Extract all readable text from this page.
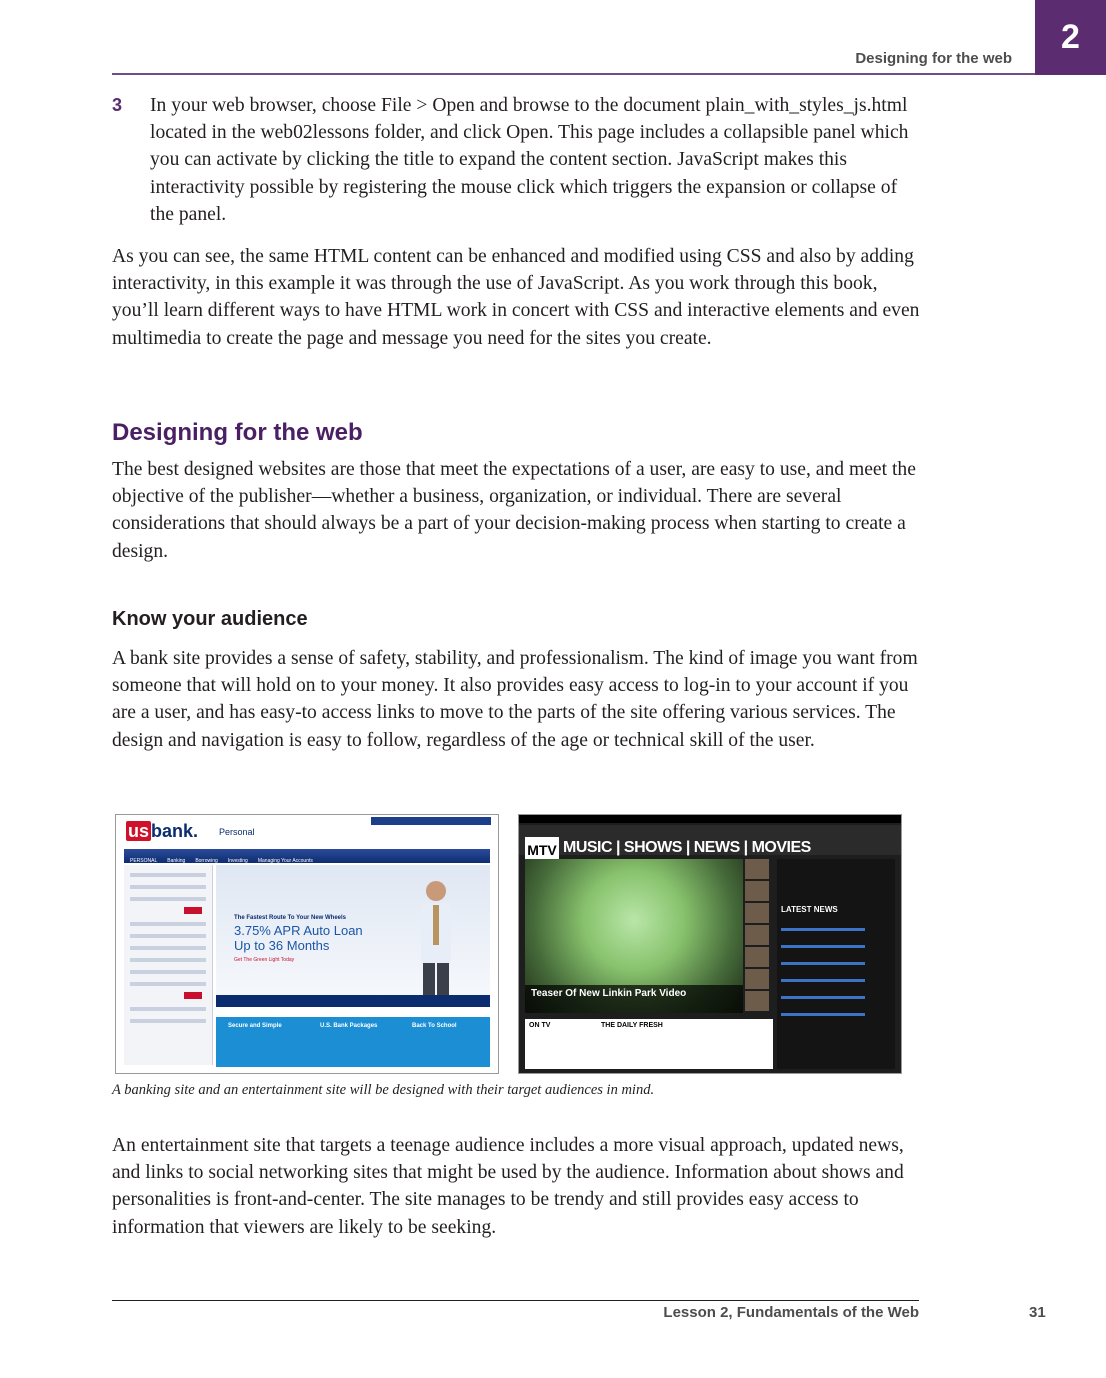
2
Designing for the web
3 In your web browser, choose File > Open and browse to the document plain_with_styles_js.html located in the web02lessons folder, and click Open. This page includes a collapsible panel which you can activate by clicking the title to expand the content section. JavaScript makes this interactivity possible by registering the mouse click which triggers the expansion or collapse of the panel.
As you can see, the same HTML content can be enhanced and modified using CSS and also by adding interactivity, in this example it was through the use of JavaScript. As you work through this book, you’ll learn different ways to have HTML work in concert with CSS and interactive elements and even multimedia to create the page and message you need for the sites you create.
Designing for the web
The best designed websites are those that meet the expectations of a user, are easy to use, and meet the objective of the publisher—whether a business, organization, or individual. There are several considerations that should always be a part of your decision-making process when starting to create a design.
Know your audience
A bank site provides a sense of safety, stability, and professionalism. The kind of image you want from someone that will hold on to your money. It also provides easy access to log-in to your account if you are a user, and has easy-to access links to move to the parts of the site offering various services. The design and navigation is easy to follow, regardless of the age or technical skill of the user.
us bank. Personal
PERSONAL Banking Borrowing Investing Managing Your Accounts
The Fastest Route To Your New Wheels
3.75% APR Auto Loan
Up to 36 Months
Get The Green Light Today
Secure and Simple	U.S. Bank Packages	Back To School
MTV MUSIC | SHOWS | NEWS | MOVIES
Teaser Of New Linkin Park Video
LATEST NEWS
ON TV	THE DAILY FRESH
A banking site and an entertainment site will be designed with their target audiences in mind.
An entertainment site that targets a teenage audience includes a more visual approach, updated news, and links to social networking sites that might be used by the audience. Information about shows and personalities is front-and-center. The site manages to be trendy and still provides easy access to information that viewers are likely to be seeking.
Lesson 2, Fundamentals of the Web	31
